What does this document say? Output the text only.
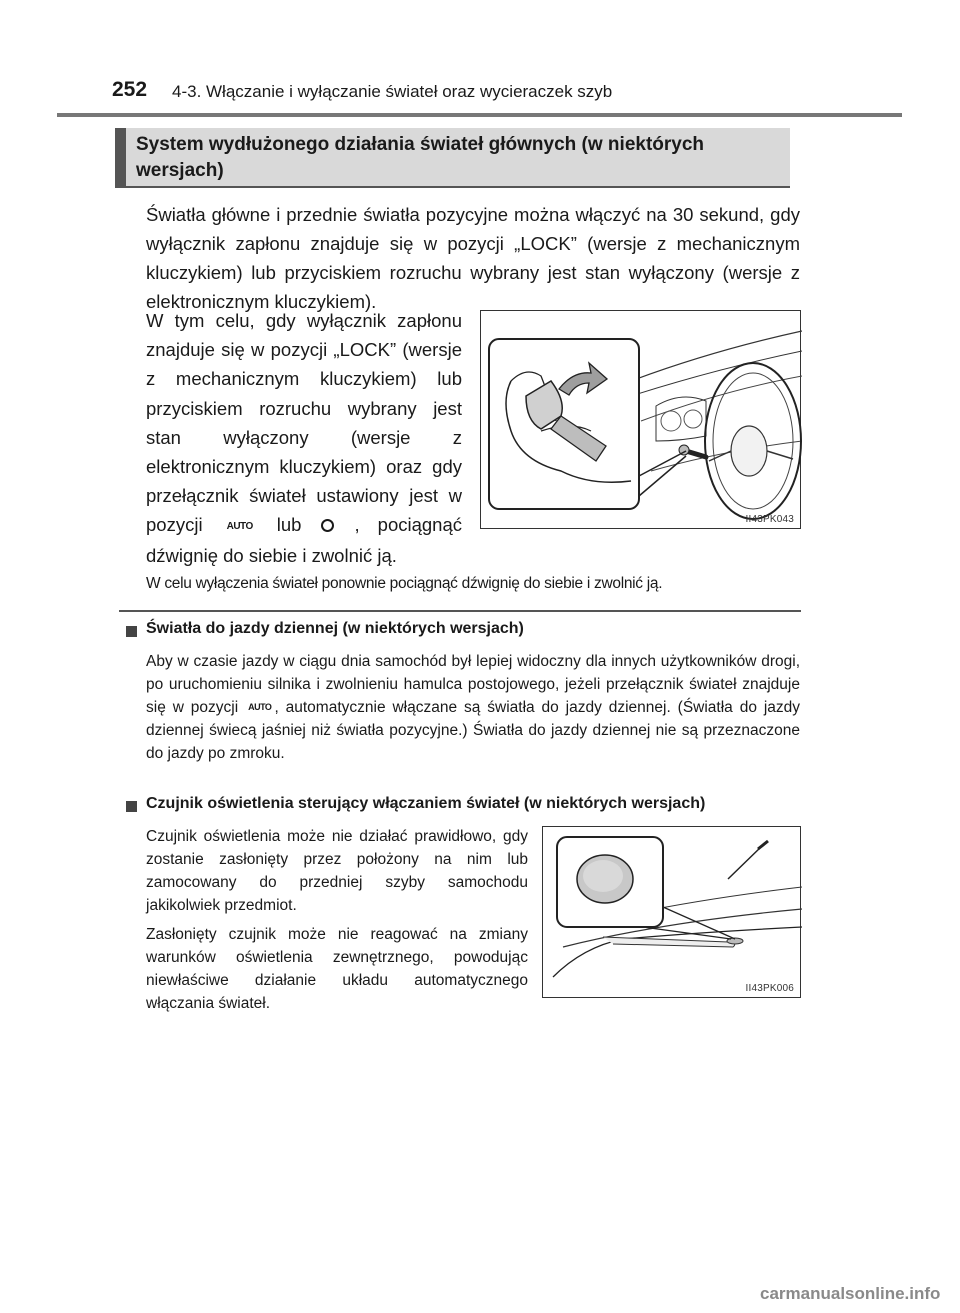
252 4-3. Włączanie i wyłączanie świateł oraz wycieraczek szyb
System wydłużonego działania świateł głównych (w niektórych wersjach)
Światła główne i przednie światła pozycyjne można włączyć na 30 sekund, gdy wyłącznik zapłonu znajduje się w pozycji „LOCK” (wersje z mechanicznym kluczykiem) lub przyciskiem rozruchu wybrany jest stan wyłączony (wersje z elektronicznym kluczykiem).
W tym celu, gdy wyłącznik zapłonu znajduje się w pozycji „LOCK” (wersje z mechanicznym kluczykiem) lub przyciskiem rozruchu wybrany jest stan wyłączony (wersje z elektronicznym kluczykiem) oraz gdy przełącznik świateł ustawiony jest w pozycji AUTO lub	, pociągnąć dźwignię do siebie i zwolnić ją.
II43PK043
W celu wyłączenia świateł ponownie pociągnąć dźwignię do siebie i zwolnić ją.
Światła do jazdy dziennej (w niektórych wersjach)
Aby w czasie jazdy w ciągu dnia samochód był lepiej widoczny dla innych użytkowników drogi, po uruchomieniu silnika i zwolnieniu hamulca postojowego, jeżeli przełącznik świateł znajduje się w pozycji AUTO , automatycznie włączane są światła do jazdy dziennej. (Światła do jazdy dziennej świecą jaśniej niż światła pozycyjne.) Światła do jazdy dziennej nie są przeznaczone do jazdy po zmroku.
Czujnik oświetlenia sterujący włączaniem świateł (w niektórych wersjach)
Czujnik oświetlenia może nie działać prawidłowo, gdy zostanie zasłonięty przez położony na nim lub zamocowany do przedniej szyby samochodu jakikolwiek przedmiot.
Zasłonięty czujnik może nie reagować na zmiany warunków oświetlenia zewnętrznego, powodując niewłaściwe działanie układu automatycznego włączania świateł.
II43PK006
carmanualsonline.info
